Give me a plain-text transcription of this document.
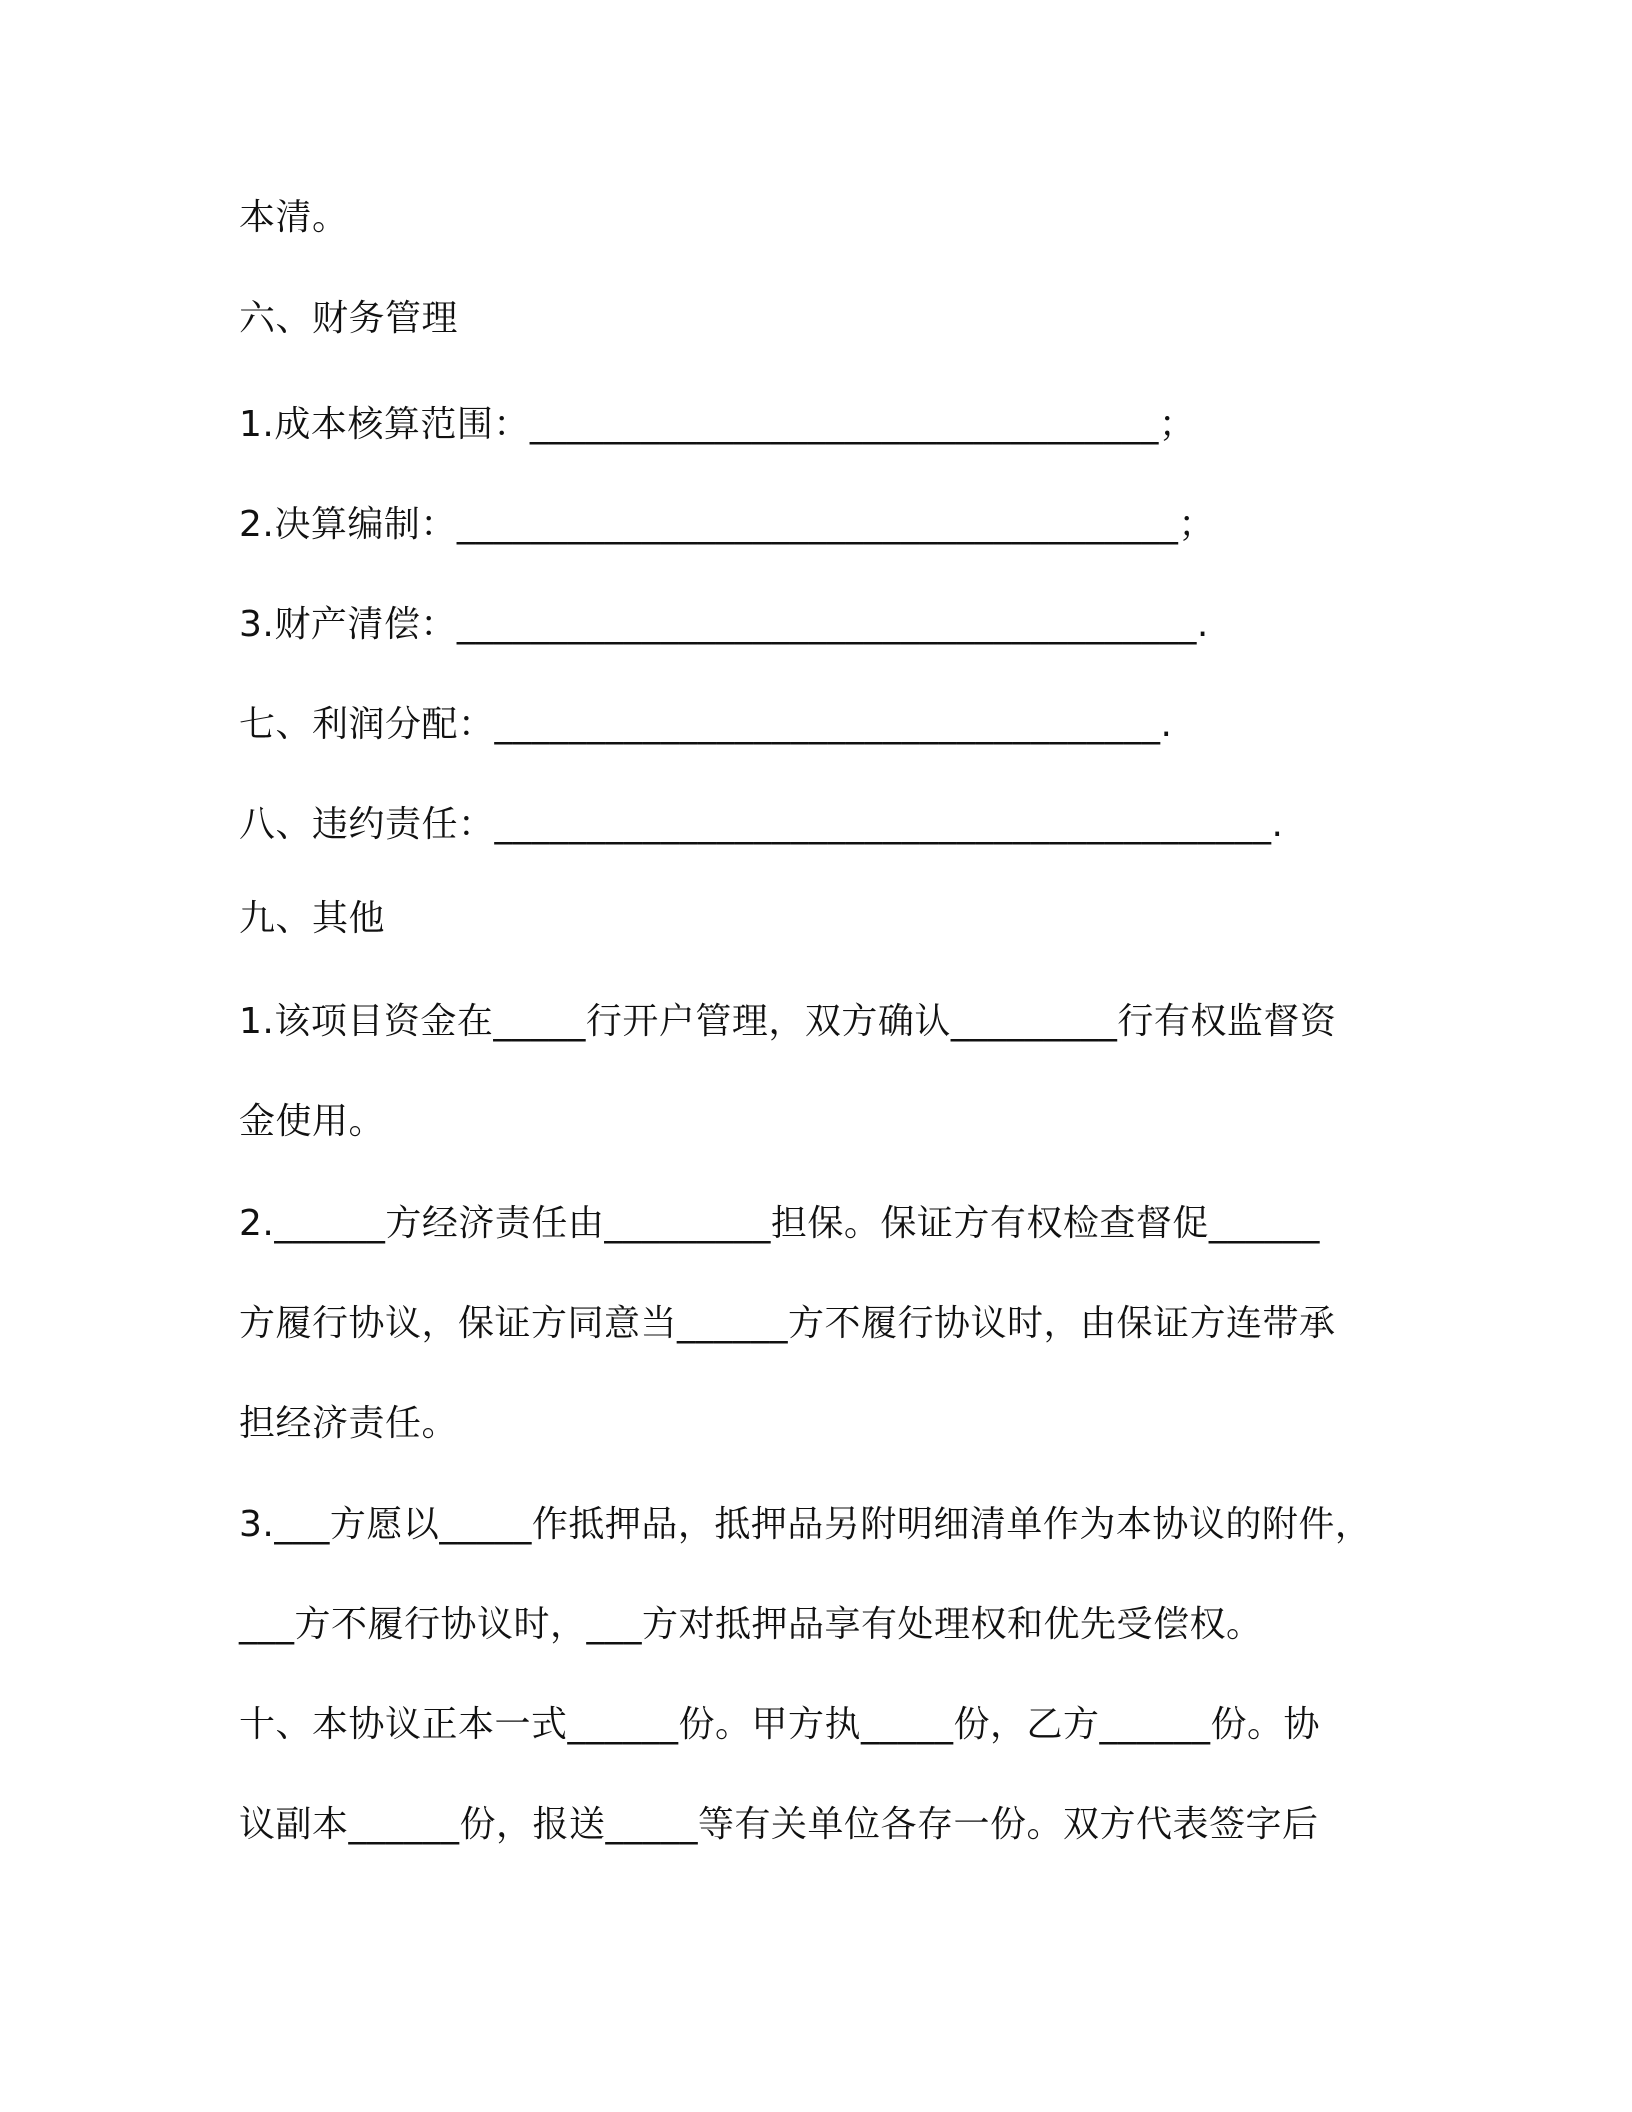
本清。
六、财务管理
1.成本核算范围：__________________________________；
2.决算编制：_______________________________________；
3.财产清偿：________________________________________.
七、利润分配：____________________________________.
八、违约责任：__________________________________________.
九、其他
1.该项目资金在_____行开户管理，双方确认_________行有权监督资
金使用。
2.______方经济责任由_________担保。保证方有权检查督促______
方履行协议，保证方同意当______方不履行协议时，由保证方连带承
担经济责任。
3.___方愿以_____作抵押品，抵押品另附明细清单作为本协议的附件，
___方不履行协议时，___方对抵押品享有处理权和优先受偿权。
十、本协议正本一式______份。甲方执_____份，乙方______份。协
议副本______份，报送_____等有关单位各存一份。双方代表签字后
